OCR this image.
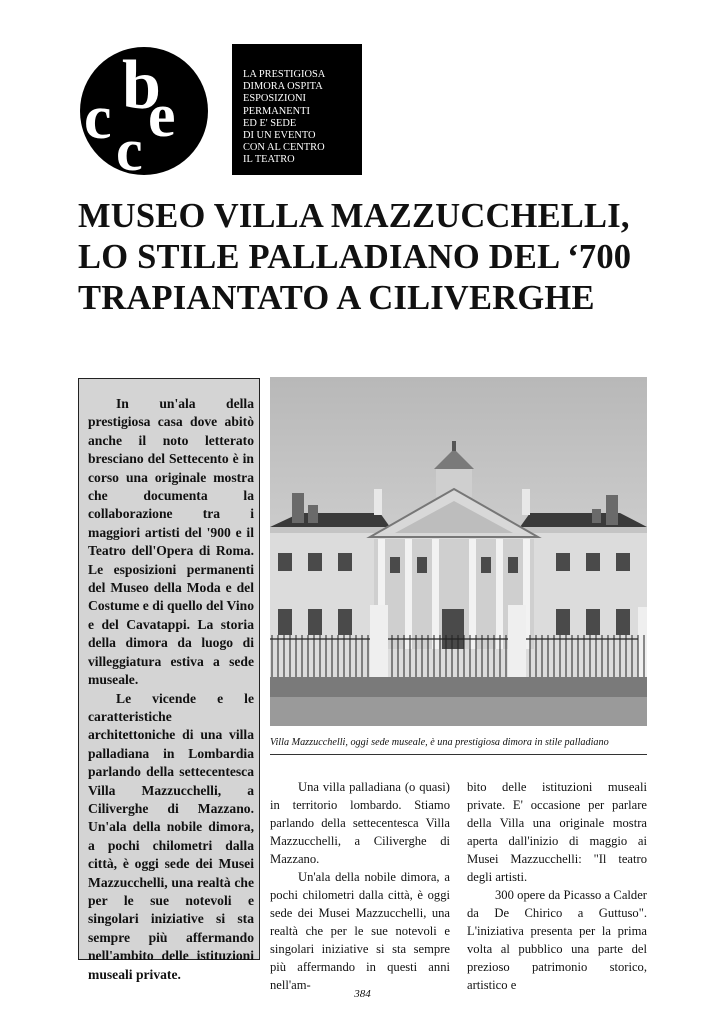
b
c e
c
LA PRESTIGIOSA
DIMORA OSPITA
ESPOSIZIONI
PERMANENTI
ED E' SEDE
DI UN EVENTO
CON AL CENTRO
IL TEATRO
MUSEO VILLA MAZZUCCHELLI,
LO STILE PALLADIANO DEL ‘700
TRAPIANTATO A CILIVERGHE

In un'ala della prestigiosa casa dove abitò anche il noto letterato bresciano del Settecento è in corso una originale mostra che documenta la collaborazione tra i maggiori artisti del '900 e il Teatro dell'Opera di Roma. Le esposizioni permanenti del Museo della Moda e del Costume e di quello del Vino e del Cavatappi. La storia della dimora da luogo di villeggiatura estiva a sede museale.

Le vicende e le caratteristiche architettoniche di una villa palladiana in Lombardia parlando della settecentesca Villa Mazzucchelli, a Ciliverghe di Mazzano. Un'ala della nobile dimora, a pochi chilometri dalla città, è oggi sede dei Musei Mazzucchelli, una realtà che per le sue notevoli e singolari iniziative si sta sempre più affermando nell'ambito delle istituzioni museali private.

Villa Mazzucchelli, oggi sede museale, è una prestigiosa dimora in stile palladiano

Una villa palladiana (o quasi) in territorio lombardo. Stiamo parlando della settecentesca Villa Mazzucchelli, a Ciliverghe di Mazzano.

Un'ala della nobile dimora, a pochi chilometri dalla città, è oggi sede dei Musei Mazzucchelli, una realtà che per le sue notevoli e singolari iniziative si sta sempre più affermando in questi anni nell'am-

bito delle istituzioni museali private. E' occasione per parlare della Villa una originale mostra aperta dall'inizio di maggio ai Musei Mazzucchelli: "Il teatro degli artisti.

300 opere da Picasso a Calder da De Chirico a Guttuso". L'iniziativa presenta per la prima volta al pubblico una parte del prezioso patrimonio storico, artistico e

384
